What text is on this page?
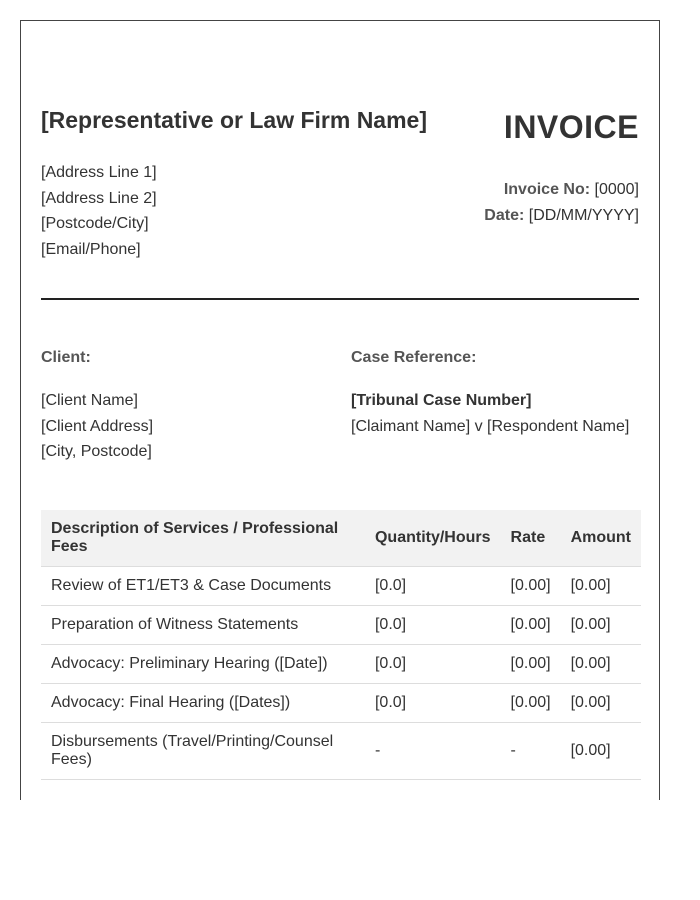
[Representative or Law Firm Name] INVOICE
[Address Line 1]
[Address Line 2]
[Postcode/City]
[Email/Phone]
Invoice No: [0000]
Date: [DD/MM/YYYY]
Client:
[Client Name]
[Client Address]
[City, Postcode]
Case Reference:
[Tribunal Case Number]
[Claimant Name] v [Respondent Name]
Description of Services / Professional Fees	Quantity/Hours	Rate	Amount
Review of ET1/ET3 & Case Documents	[0.0]	[0.00]	[0.00]
Preparation of Witness Statements	[0.0]	[0.00]	[0.00]
Advocacy: Preliminary Hearing ([Date])	[0.0]	[0.00]	[0.00]
Advocacy: Final Hearing ([Dates])	[0.0]	[0.00]	[0.00]
Disbursements (Travel/Printing/Counsel Fees)	-	-	[0.00]
